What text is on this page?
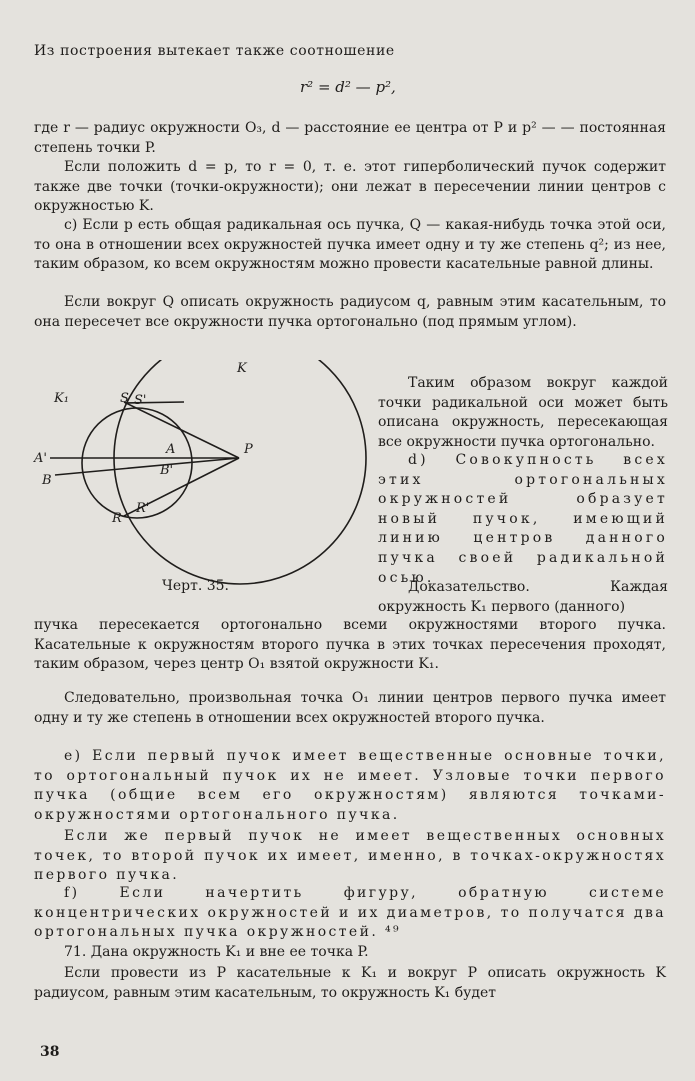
Из построения вытекает также соотношение
r² = d² — p²,
где r — радиус окружности O₃, d — расстояние ее центра от P и p² — — постоянная степень точки P.
Если положить d = p, то r = 0, т. е. этот гиперболический пучок содержит также две точки (точки-окружности); они лежат в пересечении линии центров с окружностью K.
c) Если p есть общая радикальная ось пучка, Q — какая-нибудь точка этой оси, то она в отношении всех окружностей пучка имеет одну и ту же степень q²; из нее, таким образом, ко всем окружностям можно провести касательные равной длины.
Если вокруг Q описать окружность радиусом q, равным этим касательным, то она пересечет все окружности пучка ортогонально (под прямым углом).
K
K₁	S S'
A
A'
B
B'
P
R
R'
Черт. 35.
Таким образом вокруг каждой точки радикальной оси может быть описана окружность, пересекающая все окружности пучка ортогонально.
d) Совокупность всех этих ортогональных окружностей образует новый пучок, имеющий линию центров данного пучка своей радикальной осью.
Доказательство. Каждая окружность K₁ первого (данного)
пучка пересекается ортогонально всеми окружностями второго пучка. Касательные к окружностям второго пучка в этих точках пересечения проходят, таким образом, через центр O₁ взятой окружности K₁.
Следовательно, произвольная точка O₁ линии центров первого пучка имеет одну и ту же степень в отношении всех окружностей второго пучка.
e) Если первый пучок имеет вещественные основные точки, то ортогональный пучок их не имеет. Узловые точки первого пучка (общие всем его окружностям) являются точками-окружностями ортогонального пучка.
Если же первый пучок не имеет вещественных основных точек, то второй пучок их имеет, именно, в точках-окружностях первого пучка.
f) Если начертить фигуру, обратную системе концентрических окружностей и их диаметров, то получатся два ортогональных пучка окружностей. ⁴⁹
71. Дана окружность K₁ и вне ее точка P.
Если провести из P касательные к K₁ и вокруг P описать окружность K радиусом, равным этим касательным, то окружность K₁ будет
38
